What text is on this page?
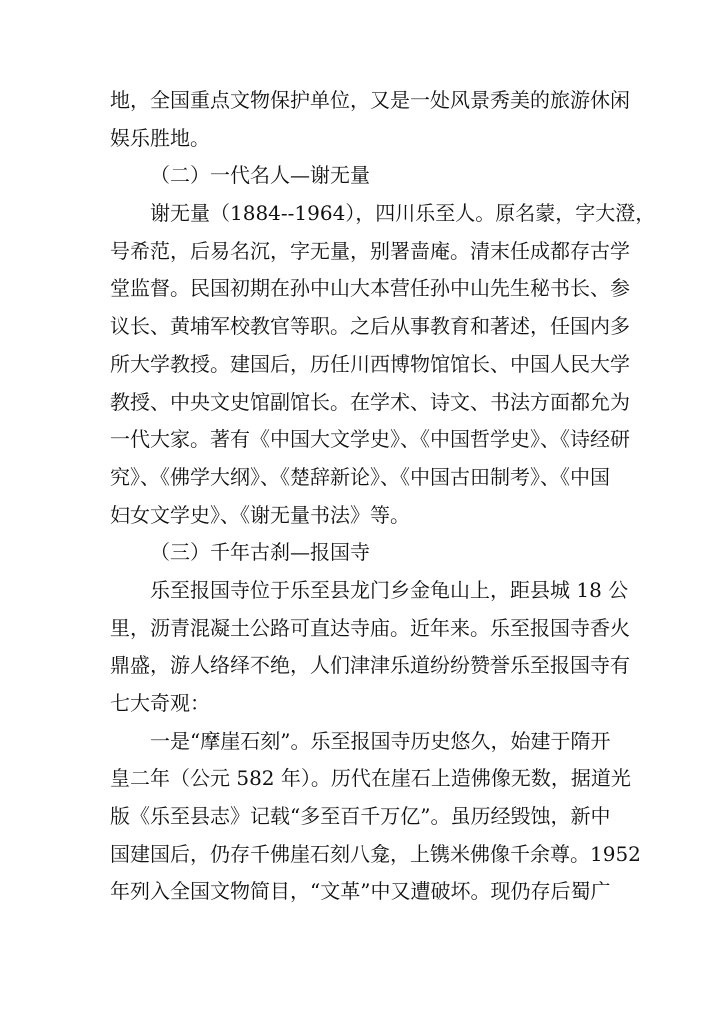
地，全国重点文物保护单位，又是一处风景秀美的旅游休闲
娱乐胜地。
（二）一代名人—谢无量
谢无量（1884--1964），四川乐至人。原名蒙，字大澄，
号希范，后易名沉，字无量，别署啬庵。清末任成都存古学
堂监督。民国初期在孙中山大本营任孙中山先生秘书长、参
议长、黄埔军校教官等职。之后从事教育和著述，任国内多
所大学教授。建国后，历任川西博物馆馆长、中国人民大学
教授、中央文史馆副馆长。在学术、诗文、书法方面都允为
一代大家。著有《中国大文学史》、《中国哲学史》、《诗经研
究》、《佛学大纲》、《楚辞新论》、《中国古田制考》、《中国
妇女文学史》、《谢无量书法》等。
（三）千年古刹—报国寺
乐至报国寺位于乐至县龙门乡金龟山上，距县城 18 公
里，沥青混凝土公路可直达寺庙。近年来。乐至报国寺香火
鼎盛，游人络绎不绝，人们津津乐道纷纷赞誉乐至报国寺有
七大奇观：
一是“摩崖石刻”。乐至报国寺历史悠久，始建于隋开
皇二年（公元 582 年）。历代在崖石上造佛像无数，据道光
版《乐至县志》记载“多至百千万亿”。虽历经毁蚀，新中
国建国后，仍存千佛崖石刻八龛，上镌米佛像千余尊。1952
年列入全国文物简目，“文革”中又遭破坏。现仍存后蜀广
